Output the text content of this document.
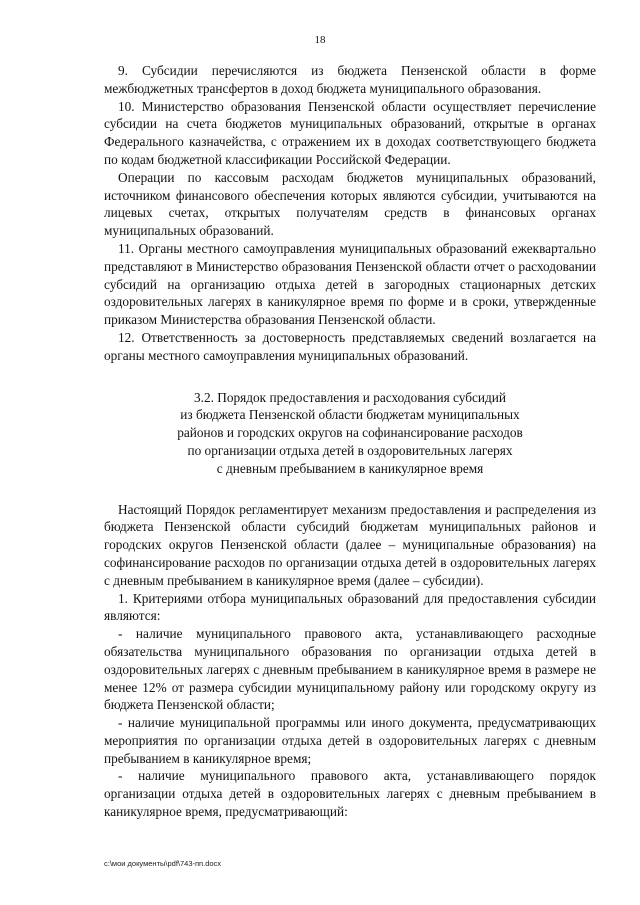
18

9. Субсидии перечисляются из бюджета Пензенской области в форме межбюджетных трансфертов в доход бюджета муниципального образования.

10. Министерство образования Пензенской области осуществляет перечисление субсидии на счета бюджетов муниципальных образований, открытые в органах Федерального казначейства, с отражением их в доходах соответствующего бюджета по кодам бюджетной классификации Российской Федерации.

Операции по кассовым расходам бюджетов муниципальных образований, источником финансового обеспечения которых являются субсидии, учитываются на лицевых счетах, открытых получателям средств в финансовых органах муниципальных образований.

11. Органы местного самоуправления муниципальных образований ежеквартально представляют в Министерство образования Пензенской области отчет о расходовании субсидий на организацию отдыха детей в загородных стационарных детских оздоровительных лагерях в каникулярное время по форме и в сроки, утвержденные приказом Министерства образования Пензенской области.

12. Ответственность за достоверность представляемых сведений возлагается на органы местного самоуправления муниципальных образований.

3.2. Порядок предоставления и расходования субсидий
из бюджета Пензенской области бюджетам муниципальных
районов и городских округов на софинансирование расходов
по организации отдыха детей в оздоровительных лагерях
с дневным пребыванием в каникулярное время

Настоящий Порядок регламентирует механизм предоставления и распределения из бюджета Пензенской области субсидий бюджетам муниципальных районов и городских округов Пензенской области (далее – муниципальные образования) на софинансирование расходов по организации отдыха детей в оздоровительных лагерях с дневным пребыванием в каникулярное время (далее – субсидии).

1. Критериями отбора муниципальных образований для предоставления субсидии являются:

- наличие муниципального правового акта, устанавливающего расходные обязательства муниципального образования по организации отдыха детей в оздоровительных лагерях с дневным пребыванием в каникулярное время в размере не менее 12% от размера субсидии муниципальному району или городскому округу из бюджета Пензенской области;

- наличие муниципальной программы или иного документа, предусматривающих мероприятия по организации отдыха детей в оздоровительных лагерях с дневным пребыванием в каникулярное время;

- наличие муниципального правового акта, устанавливающего порядок организации отдыха детей в оздоровительных лагерях с дневным пребыванием в каникулярное время, предусматривающий:

c:\мои документы\pdf\743-пп.docx
